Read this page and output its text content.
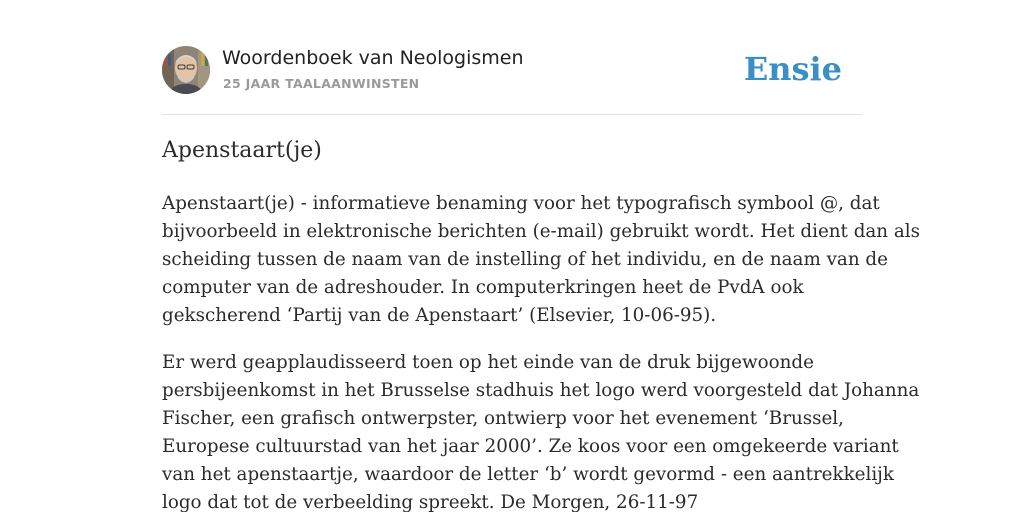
Woordenboek van Neologismen
25 JAAR TAALAANWINSTEN	Ensie
Apenstaart(je)

Apenstaart(je) - informatieve benaming voor het typografisch symbool @, dat
bijvoorbeeld in elektronische berichten (e-mail) gebruikt wordt. Het dient dan als
scheiding tussen de naam van de instelling of het individu, en de naam van de
computer van de adreshouder. In computerkringen heet de PvdA ook
gekscherend ‘Partij van de Apenstaart’ (Elsevier, 10-06-95).

Er werd geapplaudisseerd toen op het einde van de druk bijgewoonde
persbijeenkomst in het Brusselse stadhuis het logo werd voorgesteld dat Johanna
Fischer, een grafisch ontwerpster, ontwierp voor het evenement ‘Brussel,
Europese cultuurstad van het jaar 2000’. Ze koos voor een omgekeerde variant
van het apenstaartje, waardoor de letter ‘b’ wordt gevormd - een aantrekkelijk
logo dat tot de verbeelding spreekt. De Morgen, 26-11-97
